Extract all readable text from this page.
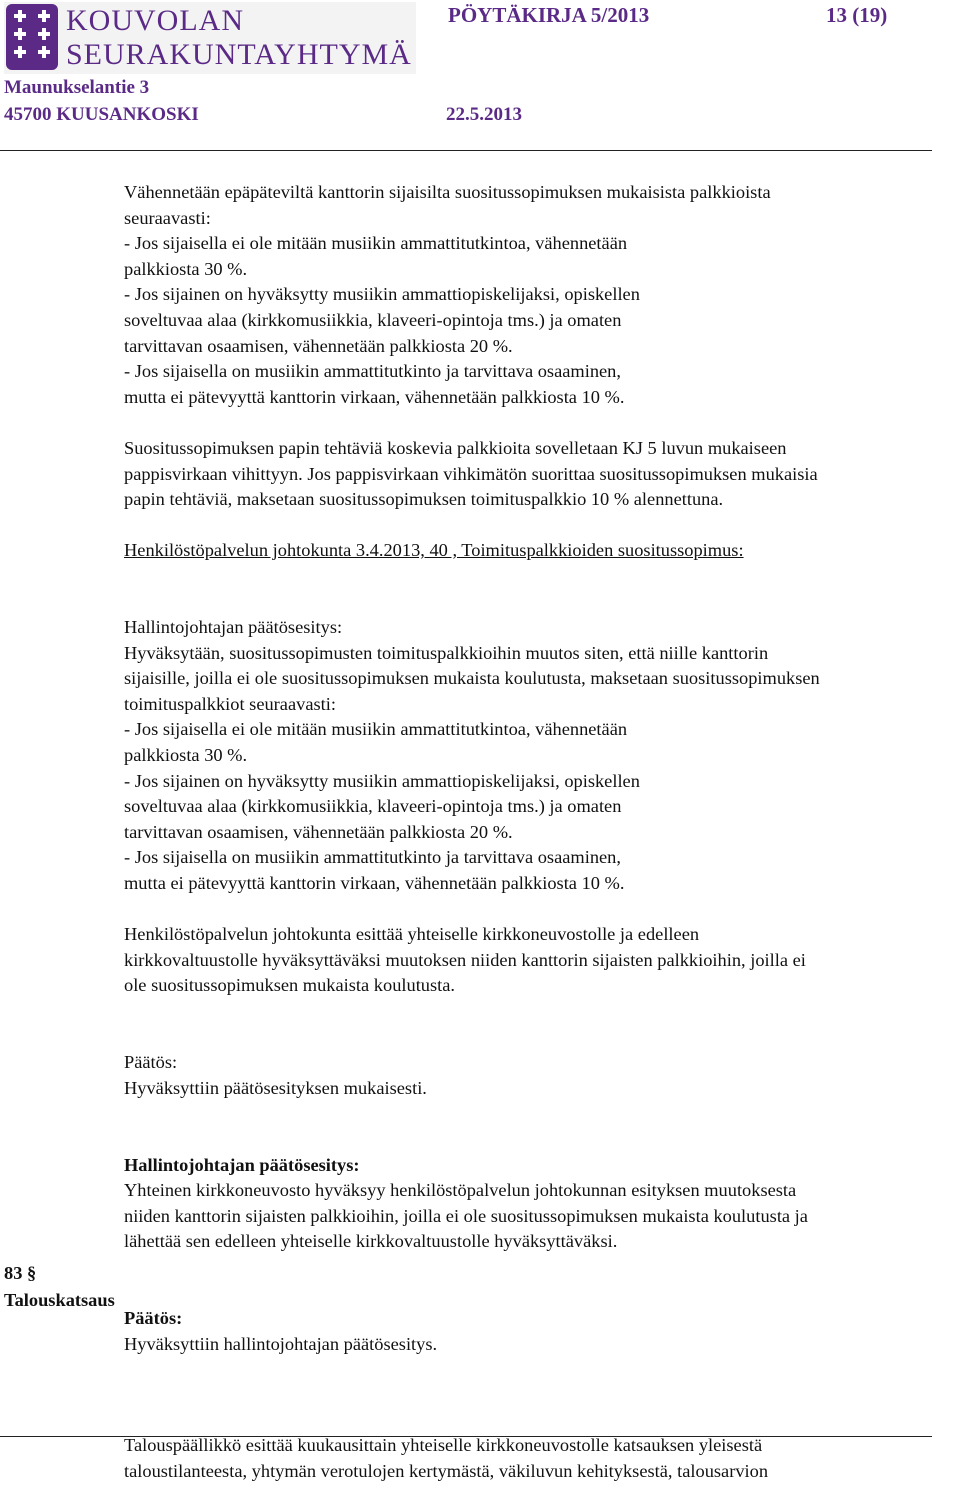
KOUVOLAN
SEURAKUNTAYHTYMÄ
PÖYTÄKIRJA 5/2013	13 (19)
Maunukselantie 3
45700 KUUSANKOSKI	22.5.2013

Vähennetään epäpäteviltä kanttorin sijaisilta suositussopimuksen mukaisista palkkioista
seuraavasti:
- Jos sijaisella ei ole mitään musiikin ammattitutkintoa, vähennetään
palkkiosta 30 %.
- Jos sijainen on hyväksytty musiikin ammattiopiskelijaksi, opiskellen
soveltuvaa alaa (kirkkomusiikkia, klaveeri-opintoja tms.) ja omaten
tarvittavan osaamisen, vähennetään palkkiosta 20 %.
- Jos sijaisella on musiikin ammattitutkinto ja tarvittava osaaminen,
mutta ei pätevyyttä kanttorin virkaan, vähennetään palkkiosta 10 %.

Suositussopimuksen papin tehtäviä koskevia palkkioita sovelletaan KJ 5 luvun mukaiseen
pappisvirkaan vihittyyn. Jos pappisvirkaan vihkimätön suorittaa suositussopimuksen mukaisia
papin tehtäviä, maksetaan suositussopimuksen toimituspalkkio 10 % alennettuna.

Henkilöstöpalvelun johtokunta 3.4.2013, 40 , Toimituspalkkioiden suositussopimus:

Hallintojohtajan päätösesitys:
Hyväksytään, suositussopimusten toimituspalkkioihin muutos siten, että niille kanttorin
sijaisille, joilla ei ole suositussopimuksen mukaista koulutusta, maksetaan suositussopimuksen
toimituspalkkiot seuraavasti:
- Jos sijaisella ei ole mitään musiikin ammattitutkintoa, vähennetään
palkkiosta 30 %.
- Jos sijainen on hyväksytty musiikin ammattiopiskelijaksi, opiskellen
soveltuvaa alaa (kirkkomusiikkia, klaveeri-opintoja tms.) ja omaten
tarvittavan osaamisen, vähennetään palkkiosta 20 %.
- Jos sijaisella on musiikin ammattitutkinto ja tarvittava osaaminen,
mutta ei pätevyyttä kanttorin virkaan, vähennetään palkkiosta 10 %.

Henkilöstöpalvelun johtokunta esittää yhteiselle kirkkoneuvostolle ja edelleen
kirkkovaltuustolle hyväksyttäväksi muutoksen niiden kanttorin sijaisten palkkioihin, joilla ei
ole suositussopimuksen mukaista koulutusta.

Päätös:
Hyväksyttiin päätösesityksen mukaisesti.

Hallintojohtajan päätösesitys:
Yhteinen kirkkoneuvosto hyväksyy henkilöstöpalvelun johtokunnan esityksen muutoksesta
niiden kanttorin sijaisten palkkioihin, joilla ei ole suositussopimuksen mukaista koulutusta ja
lähettää sen edelleen yhteiselle kirkkovaltuustolle hyväksyttäväksi.

Päätös:
Hyväksyttiin hallintojohtajan päätösesitys.

Talouspäällikkö esittää kuukausittain yhteiselle kirkkoneuvostolle katsauksen yleisestä
taloustilanteesta, yhtymän verotulojen kertymästä, väkiluvun kehityksestä, talousarvion

83 §
Talouskatsaus
